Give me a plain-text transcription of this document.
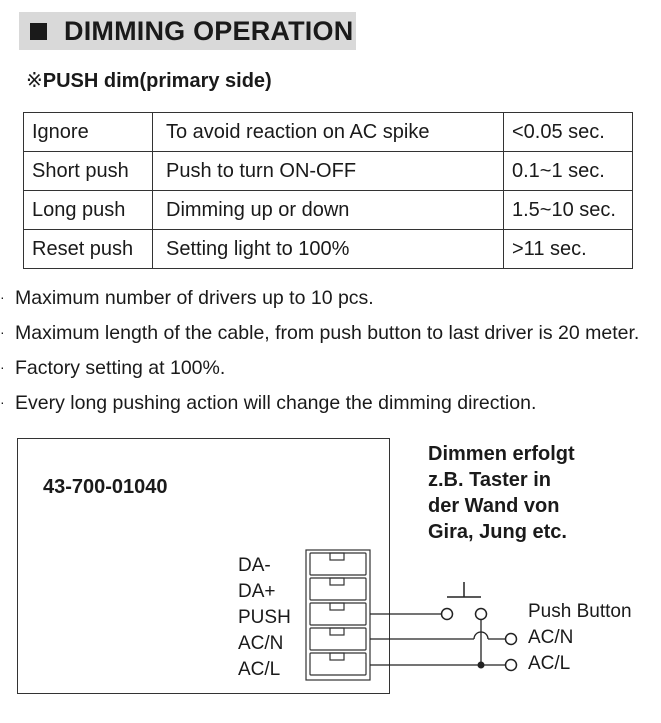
DIMMING OPERATION
※PUSH dim(primary side)
Ignore	To avoid reaction on AC spike	<0.05 sec.
Short push	Push to turn ON-OFF	0.1~1 sec.
Long push	Dimming up or down	1.5~10 sec.
Reset push	Setting light to 100%	>11 sec.
· Maximum number of drivers up to 10 pcs.
· Maximum length of the cable, from push button to last driver is 20 meter.
· Factory setting at 100%.
· Every long pushing action will change the dimming direction.
43-700-01040
DA-
DA+
PUSH
AC/N
AC/L
Dimmen erfolgt
z.B. Taster in
der Wand von
Gira, Jung etc.
Push Button
AC/N
AC/L
